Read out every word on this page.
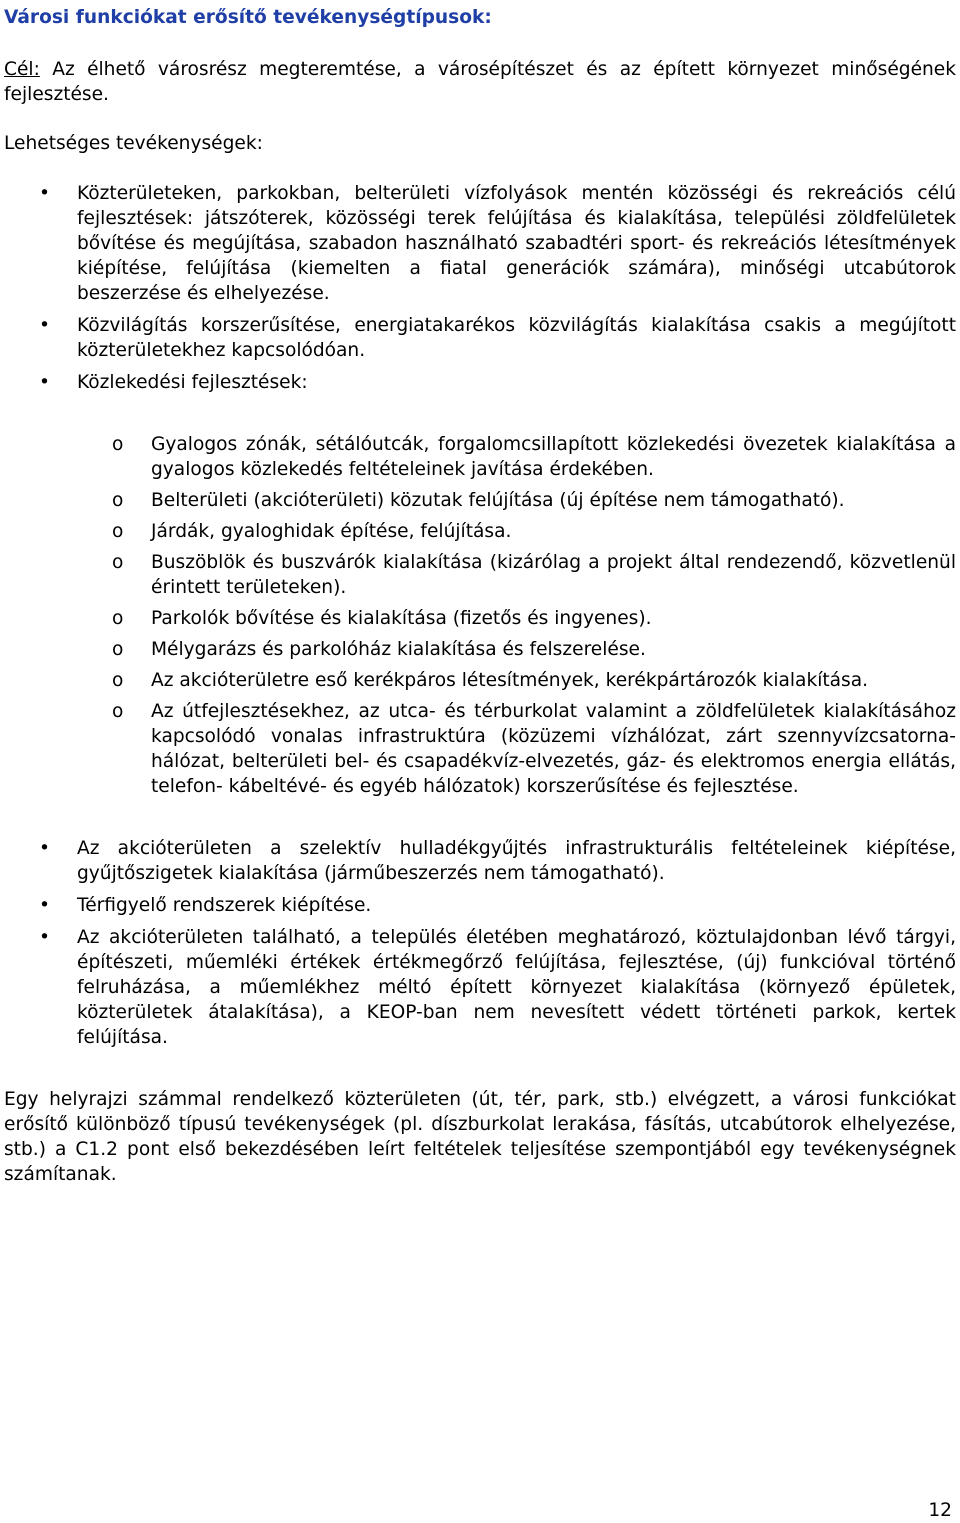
Városi funkciókat erősítő tevékenységtípusok:
Cél: Az élhető városrész megteremtése, a városépítészet és az épített környezet minőségének fejlesztése.
Lehetséges tevékenységek:
• Közterületeken, parkokban, belterületi vízfolyások mentén közösségi és rekreációs célú fejlesztések: játszóterek, közösségi terek felújítása és kialakítása, települési zöldfelületek bővítése és megújítása, szabadon használható szabadtéri sport- és rekreációs létesítmények kiépítése, felújítása (kiemelten a fiatal generációk számára), minőségi utcabútorok beszerzése és elhelyezése.
• Közvilágítás korszerűsítése, energiatakarékos közvilágítás kialakítása csakis a megújított közterületekhez kapcsolódóan.
• Közlekedési fejlesztések:
o Gyalogos zónák, sétálóutcák, forgalomcsillapított közlekedési övezetek kialakítása a gyalogos közlekedés feltételeinek javítása érdekében.
o Belterületi (akcióterületi) közutak felújítása (új építése nem támogatható).
o Járdák, gyaloghidak építése, felújítása.
o Buszöblök és buszvárók kialakítása (kizárólag a projekt által rendezendő, közvetlenül érintett területeken).
o Parkolók bővítése és kialakítása (fizetős és ingyenes).
o Mélygarázs és parkolóház kialakítása és felszerelése.
o Az akcióterületre eső kerékpáros létesítmények, kerékpártározók kialakítása.
o Az útfejlesztésekhez, az utca- és térburkolat valamint a zöldfelületek kialakításához kapcsolódó vonalas infrastruktúra (közüzemi vízhálózat, zárt szennyvízcsatorna-hálózat, belterületi bel- és csapadékvíz-elvezetés, gáz- és elektromos energia ellátás, telefon- kábeltévé- és egyéb hálózatok) korszerűsítése és fejlesztése.
• Az akcióterületen a szelektív hulladékgyűjtés infrastrukturális feltételeinek kiépítése, gyűjtőszigetek kialakítása (járműbeszerzés nem támogatható).
• Térfigyelő rendszerek kiépítése.
• Az akcióterületen található, a település életében meghatározó, köztulajdonban lévő tárgyi, építészeti, műemléki értékek értékmegőrző felújítása, fejlesztése, (új) funkcióval történő felruházása, a műemlékhez méltó épített környezet kialakítása (környező épületek, közterületek átalakítása), a KEOP-ban nem nevesített védett történeti parkok, kertek felújítása.
Egy helyrajzi számmal rendelkező közterületen (út, tér, park, stb.) elvégzett, a városi funkciókat erősítő különböző típusú tevékenységek (pl. díszburkolat lerakása, fásítás, utcabútorok elhelyezése, stb.) a C1.2 pont első bekezdésében leírt feltételek teljesítése szempontjából egy tevékenységnek számítanak.
12
